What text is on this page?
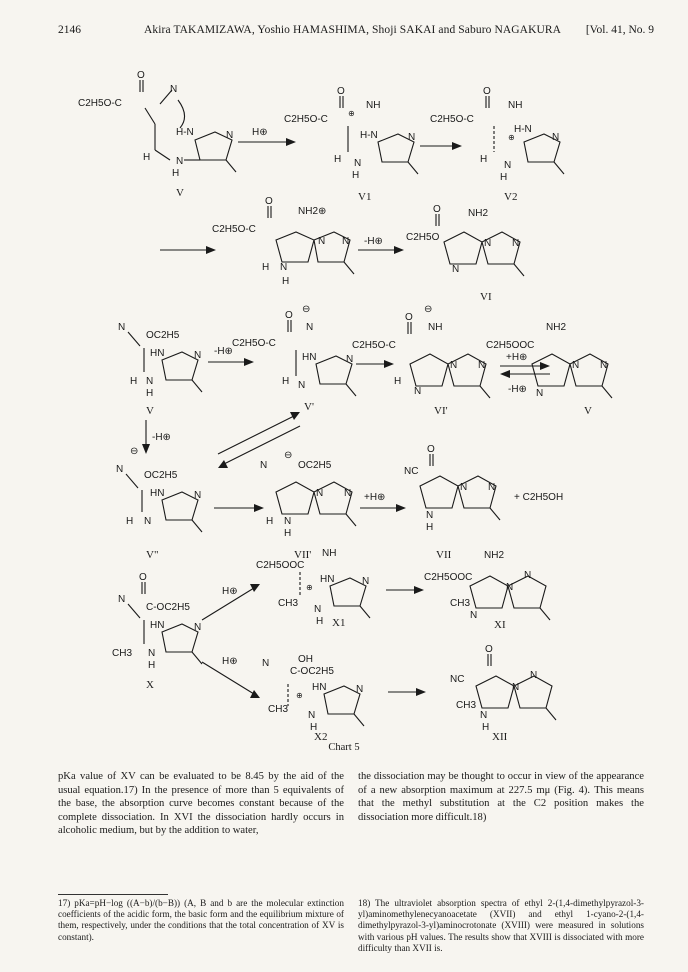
2146	Akira TAKAMIZAWA, Yoshio HAMASHIMA, Shoji SAKAI and Saburo NAGAKURA [Vol. 41, No. 9
C2H5O-C
O
N
H-N	N
N
H
H
V
H⊕
C2H5O-C
O
⊕
NH
H-N	N
N
H
H
V1
C2H5O-C
O
NH
⊕
H-N
N
N
H
H
V2
C2H5O-C
O
NH2⊕
N N
N
H
H
-H⊕ C2H5O
O	NH2
N N
N
VI
N
OC2H5
HN	N
N
H
H
V
-H⊕
C2H5O-C
O
⊖
N
HN	N
N
H
V'
C2H5O-C
O
⊖
NH
N N
N
H
VI'
+H⊕
-H⊕
C2H5OOC
NH2
N N
N
V
-H⊕
⊖
N
OC2H5
HN	N
N
H
V"
N
⊖
OC2H5
N N
N
H
H
VII'
+H⊕
NC
O
N N
N
H
+ C2H5OH
VII
C2H5OOC
NH
⊕
HN	N
N
H
CH3
X1
C2H5OOC
NH2
N
N
N
CH3
XI
H⊕
N
O
C-OC2H5
HN	N
N
H
CH3
X
H⊕ N	OH
C-OC2H5
⊕
HN	N
N
H
CH3
X2
NC
O
N
N
N
H
CH3
XII
Chart 5
pKa value of XV can be evaluated to be 8.45 by the aid of the usual equation.17) In the presence of more than 5 equivalents of the base, the absorption curve becomes constant because of the complete dissociation. In XVI the dissociation hardly occurs in alcoholic medium, but by the addition to water,
the dissociation may be thought to occur in view of the appearance of a new absorption maximum at 227.5 mμ (Fig. 4). This means that the methyl substitution at the C2 position makes the dissociation more difficult.18)
17) pKa=pH−log ((A−b)/(b−B)) (A, B and b are the molecular extinction coefficients of the acidic form, the basic form and the equilibrium mixture of them, respectively, under the conditions that the total concentration of XV is constant).
18) The ultraviolet absorption spectra of ethyl 2-(1,4-dimethylpyrazol-3-yl)aminomethylenecyanoacetate (XVII) and ethyl 1-cyano-2-(1,4-dimethylpyrazol-3-yl)aminocrotonate (XVIII) were measured in solutions with various pH values. The results show that XVIII is dissociated with more difficulty than XVII is.
